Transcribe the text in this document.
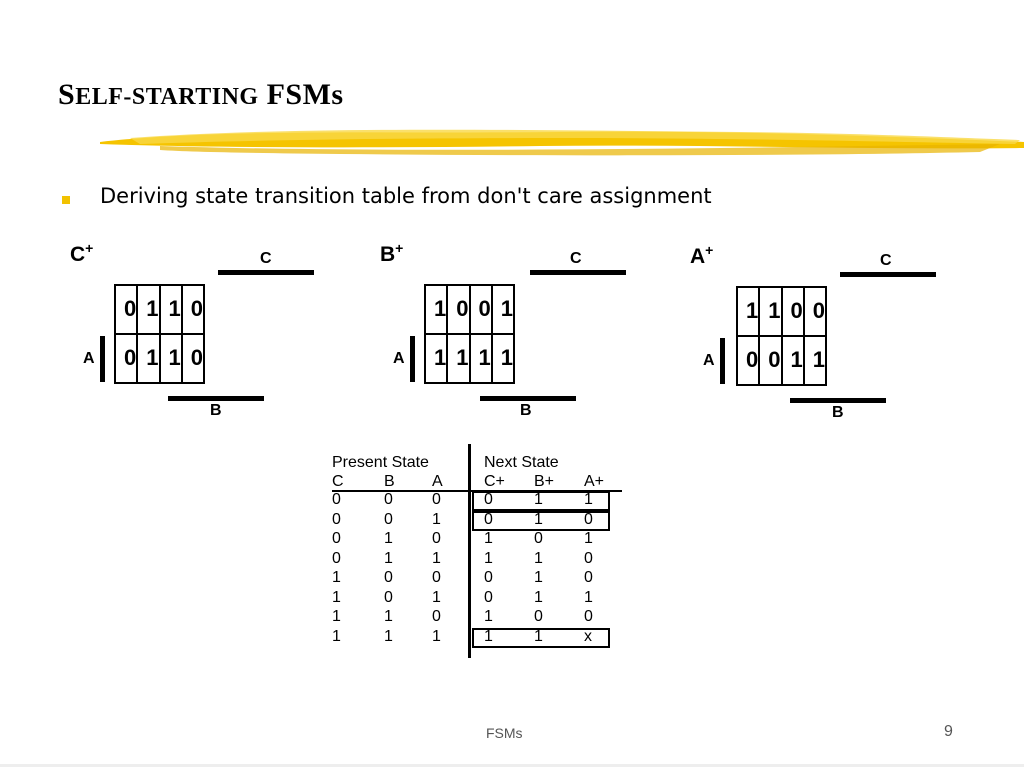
SELF-STARTING FSMs
Deriving state transition table from don't care assignment
C+
C
A
0	1	1	0
0	1	1	0
B
B+
C
A
1	0	0	1
1	1	1	1
B
A+
C
A
1	1	0	0
0	0	1	1
B
Present State	Next State
C	B	A	C+	B+	A+
0	0	0	0	1	1
0	0	1	0	1	0
0	1	0	1	0	1
0	1	1	1	1	0
1	0	0	0	1	0
1	0	1	0	1	1
1	1	0	1	0	0
1	1	1	1	1	x
FSMs	9
